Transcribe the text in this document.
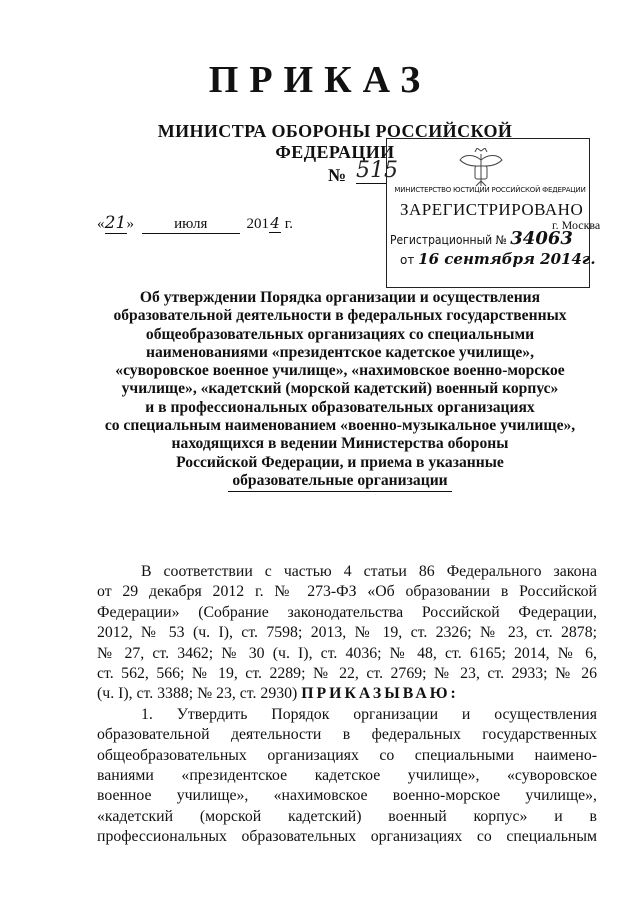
ПРИКАЗ
МИНИСТРА ОБОРОНЫ РОССИЙСКОЙ ФЕДЕРАЦИИ
№ 515
«21»	июля	2014 г.
МИНИСТЕРСТВО ЮСТИЦИИ РОССИЙСКОЙ ФЕДЕРАЦИИ
ЗАРЕГИСТРИРОВАНО
Регистрационный № 34063
от 16 сентября 2014г.
г. Москва
Об утверждении Порядка организации и осуществления
образовательной деятельности в федеральных государственных
общеобразовательных организациях со специальными
наименованиями «президентское кадетское училище»,
«суворовское военное училище», «нахимовское военно-морское
училище», «кадетский (морской кадетский) военный корпус»
и в профессиональных образовательных организациях
со специальным наименованием «военно-музыкальное училище»,
находящихся в ведении Министерства обороны
Российской Федерации, и приема в указанные
образовательные организации
В соответствии с частью 4 статьи 86 Федерального закона
от 29 декабря 2012 г. № 273-ФЗ «Об образовании в Российской
Федерации» (Собрание законодательства Российской Федерации,
2012, № 53 (ч. I), ст. 7598; 2013, № 19, ст. 2326; № 23, ст. 2878;
№ 27, ст. 3462; № 30 (ч. I), ст. 4036; № 48, ст. 6165; 2014, № 6,
ст. 562, 566; № 19, ст. 2289; № 22, ст. 2769; № 23, ст. 2933; № 26
(ч. I), ст. 3388; № 23, ст. 2930) ПРИКАЗЫВАЮ:
1. Утвердить Порядок организации и осуществления
образовательной деятельности в федеральных государственных
общеобразовательных организациях со специальными наимено-
ваниями «президентское кадетское училище», «суворовское
военное училище», «нахимовское военно-морское училище»,
«кадетский (морской кадетский) военный корпус» и в
профессиональных образовательных организациях со специальным
